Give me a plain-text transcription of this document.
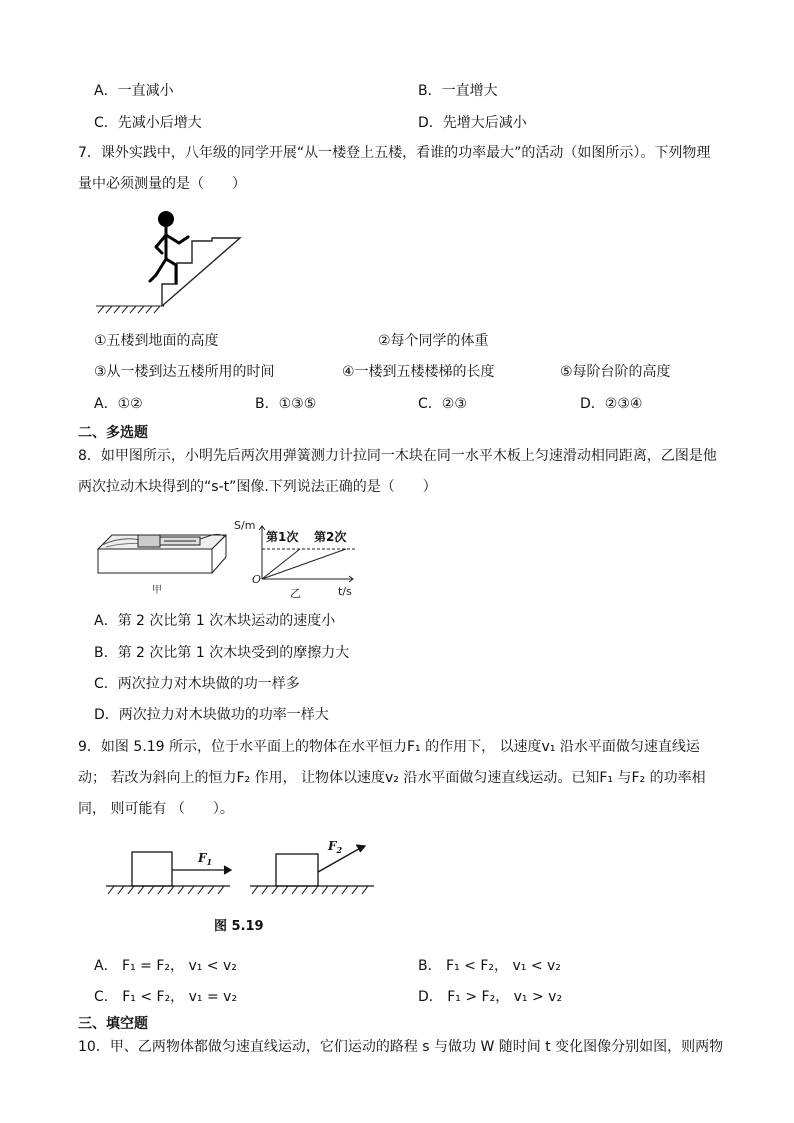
A．一直减小	B．一直增大
C．先减小后增大	D．先增大后减小
7．课外实践中，八年级的同学开展“从一楼登上五楼，看谁的功率最大”的活动（如图所示）。下列物理
量中必须测量的是（　　）
①五楼到地面的高度	②每个同学的体重
③从一楼到达五楼所用的时间	④一楼到五楼楼梯的长度	⑤每阶台阶的高度
A．①②	B．①③⑤	C．②③	D．②③④
二、多选题
8．如甲图所示，小明先后两次用弹簧测力计拉同一木块在同一水平木板上匀速滑动相同距离，乙图是他
两次拉动木块得到的“s-t”图像.下列说法正确的是（　　）
甲
S/m
第1次 第2次
O
t/s
乙
A．第 2 次比第 1 次木块运动的速度小
B．第 2 次比第 1 次木块受到的摩擦力大
C．两次拉力对木块做的功一样多
D．两次拉力对木块做功的功率一样大
9．如图 5.19 所示，位于水平面上的物体在水平恒力F₁ 的作用下， 以速度v₁ 沿水平面做匀速直线运
动； 若改为斜向上的恒力F₂ 作用， 让物体以速度v₂ 沿水平面做匀速直线运动。已知F₁ 与F₂ 的功率相
同， 则可能有 （　　）。
$F_1$
$F_2$
图 5.19
A． F₁ = F₂， v₁ < v₂	B． F₁ < F₂， v₁ < v₂
C． F₁ < F₂， v₁ = v₂	D． F₁ > F₂， v₁ > v₂
三、填空题
10．甲、乙两物体都做匀速直线运动，它们运动的路程 s 与做功 W 随时间 t 变化图像分别如图，则两物
